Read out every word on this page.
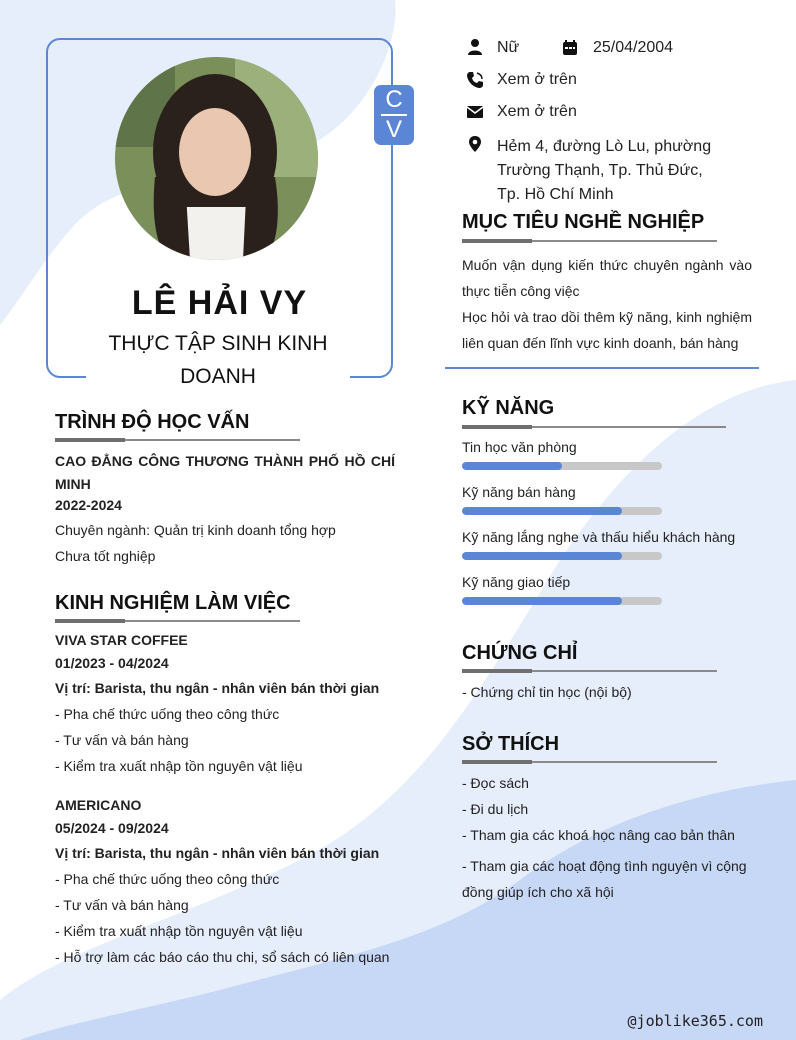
C
V
LÊ HẢI VY
THỰC TẬP SINH KINH DOANH
Nữ	25/04/2004
Xem ở trên
Xem ở trên
Hẻm 4, đường Lò Lu, phường Trường Thạnh, Tp. Thủ Đức, Tp. Hồ Chí Minh
MỤC TIÊU NGHỀ NGHIỆP
Muốn vận dụng kiến thức chuyên ngành vào thực tiễn công việc
Học hỏi và trao dồi thêm kỹ năng, kinh nghiệm liên quan đến lĩnh vực kinh doanh, bán hàng
KỸ NĂNG
Tin học văn phòng
Kỹ năng bán hàng
Kỹ năng lắng nghe và thấu hiểu khách hàng
Kỹ năng giao tiếp
CHỨNG CHỈ
- Chứng chỉ tin học (nội bộ)
SỞ THÍCH
- Đọc sách
- Đi du lịch
- Tham gia các khoá học nâng cao bản thân
- Tham gia các hoạt động tình nguyện vì cộng đồng giúp ích cho xã hội
TRÌNH ĐỘ HỌC VẤN
CAO ĐẲNG CÔNG THƯƠNG THÀNH PHỐ HỒ CHÍ MINH
2022-2024
Chuyên ngành: Quản trị kinh doanh tổng hợp
Chưa tốt nghiệp
KINH NGHIỆM LÀM VIỆC
VIVA STAR COFFEE
01/2023 - 04/2024
Vị trí: Barista, thu ngân - nhân viên bán thời gian
- Pha chế thức uống theo công thức
- Tư vấn và bán hàng
- Kiểm tra xuất nhập tồn nguyên vật liệu
AMERICANO
05/2024 - 09/2024
Vị trí: Barista, thu ngân - nhân viên bán thời gian
- Pha chế thức uống theo công thức
- Tư vấn và bán hàng
- Kiểm tra xuất nhập tồn nguyên vật liệu
- Hỗ trợ làm các báo cáo thu chi, sổ sách có liên quan
@joblike365.com
